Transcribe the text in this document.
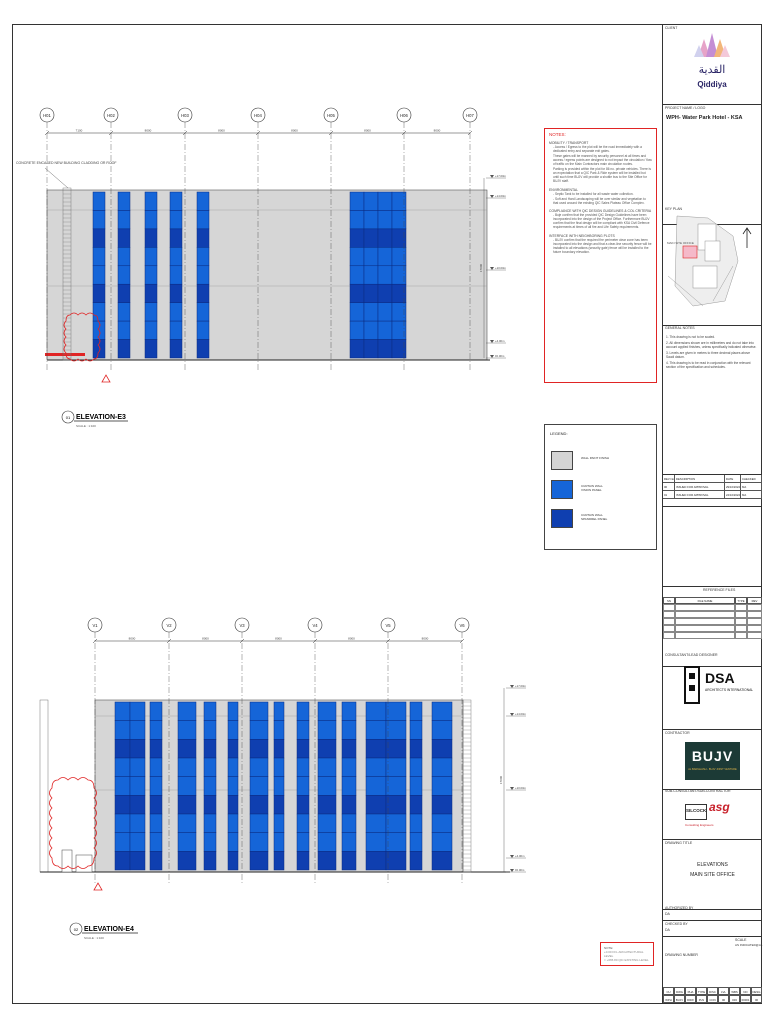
+17.00m
+14.00m
+10.00m
+4.00m
±0.00m
17000
01 ELEVATION-E3
SCALE : 1:100
CONCRETE ENCASED NEW BUILDING CLADDING OR ROOF
H01	H02	H03	H04	H05	H06	H07
7100	8000	8000	8000	8000	8000
+17.00m
+14.00m
+10.00m
+4.00m
±0.00m
17000
02 ELEVATION-E4
SCALE : 1:100
V1	V2	V3	V4	V5	V6
8000	8000	8000	8000	8000
NOTES:
MOBILITY / TRANSPORT

- Access / Egress to the plot will be the road immediately with a dedicated entry and separate exit gates.

These gates will be manned by security personnel at all times and access / egress points are designed to not impact the circulation / flow of traffic on the Main Contractors main circulation routes.

Parking is provided within the plot for 86 no. private vehicles. There is an expectation that a QIC Park & Ride system will be installed but until such time BUJV will provide a shuttle bus to the Site Office for BUJV staff.

ENVIRONMENTAL

- Septic Tank to be installed for all waste water collection.

- Soft and Hard Landscaping will be over similar and vegetation to that used around the existing QIC Sales Plateau Office Complex.

COMPLIANCE WITH QIC DESIGN GUIDELINES & COL CRITERIA

- Buje confirm that the provided QIC Design Guidelines have been incorporated into the design of the Project Office. Furthermore BUJV confirm that the final design will be compliant with KSA Civil Defence requirements at times of all fire and Life Safety requirements.

INTERFACE WITH NEIGHBORING PLOTS

- BUJV confirm that the required fire perimeter clear zone has been incorporated into the design and that a clear-line security fence will be installed to all elevations (security gate) fence will be installed to the future boundary elevation.

LEGEND:
WALL PAINT FINISH

CURTAIN WALL
VISION PANEL
CURTAIN WALL
SPANDREL PANEL
NOTE:
+0.00 FFL ARCHITECTURAL LEVEL
= +665.80 QIC EXISTING LEVEL
CLIENT
القدية
Qiddiya
PROJECT NAME / LOGO
WPH- Water Park Hotel - KSA
KEY PLAN
MAIN SITE OFFICE
GENERAL NOTES
1. This drawing is not to be scaled.
2. All dimensions shown are in millimeters and do not take into account applied finishes, unless specifically indicated otherwise.
3. Levels are given in meters to three decimal places above Saudi datum.
4. This drawing is to be read in conjunction with the relevant section of the specification and schedules.
REV No DESCRIPTION	DATE	CHECKED
00	ISSUED FOR APPROVAL	29/10/2022 MA
01	ISSUED FOR APPROVAL	24/10/2022 MA
REFERENCE FILES
SN	FILE NAME	TYPE	REV
CONSULTANT/LEAD DESIGNER
DSA
ARCHITECTS INTERNATIONAL
CONTRACTOR
BUJV
AL BARGHASH - BUJV JOINT VENTURE
SUB-CONSULTANT/SUB-CONTRACTOR
SILCOCK asg
Consulting Engineers
DRAWING TITLE
ELEVATIONS
MAIN SITE OFFICE
AUTHORIZED BY
DA
CHECKED BY
DA
DRAWING NUMBER
SCALE
AS INDICATED@A1
CU	DWG	PHA	TYPE	DISC	LVL	WBS	NO	DESG
WPH	BUJV	DRW	PLN	CON	00	003	00001	00
